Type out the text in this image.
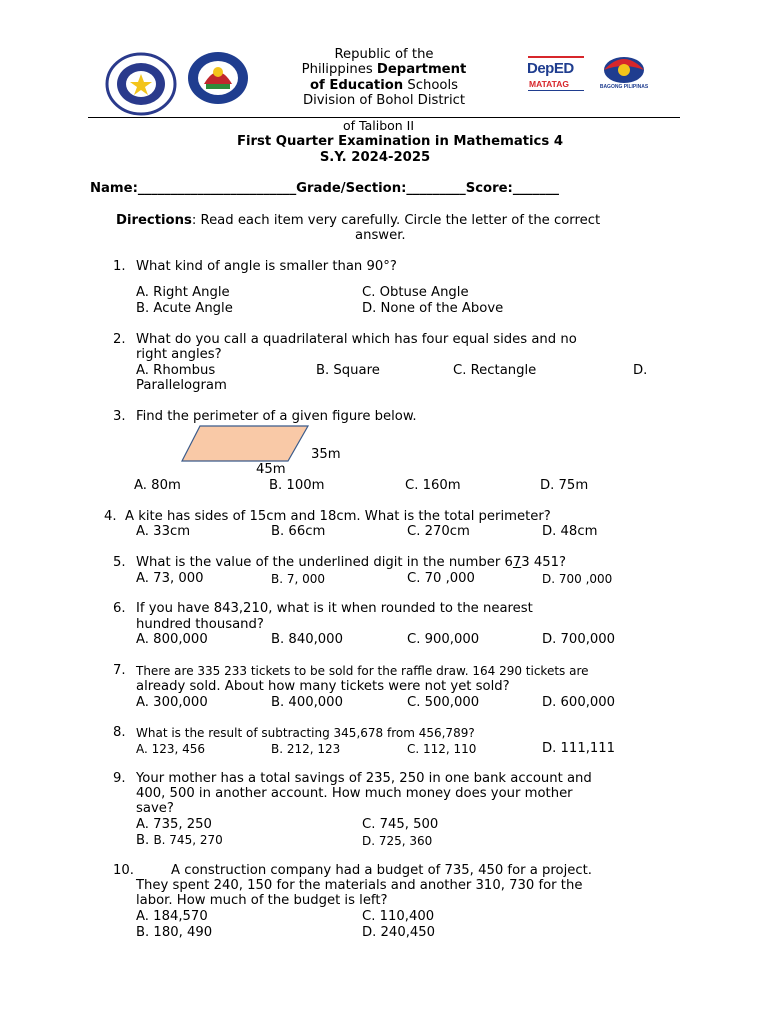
DepED
MATATAG	BAGONG PILIPINAS
Republic of the
Philippines Department
of Education Schools
Division of Bohol District
of Talibon II
First Quarter Examination in Mathematics 4
S.Y. 2024-2025
Name:________________________Grade/Section:_________Score:_______
Directions: Read each item very carefully. Circle the letter of the correct
answer.
1. What kind of angle is smaller than 90°?
A. Right Angle	C. Obtuse Angle
B. Acute Angle	D. None of the Above
2. What do you call a quadrilateral which has four equal sides and no
right angles?
A. Rhombus	B. Square	C. Rectangle	D.
Parallelogram
3. Find the perimeter of a given figure below.
35m
45m
A. 80m	B. 100m	C. 160m	D. 75m
4. A kite has sides of 15cm and 18cm. What is the total perimeter?
A. 33cm	B. 66cm	C. 270cm	D. 48cm
5. What is the value of the underlined digit in the number 673 451?
A. 73, 000	B. 7, 000	C. 70 ,000	D. 700 ,000
6. If you have 843,210, what is it when rounded to the nearest
hundred thousand?
A. 800,000	B. 840,000	C. 900,000	D. 700,000
7. There are 335 233 tickets to be sold for the raffle draw. 164 290 tickets are
already sold. About how many tickets were not yet sold?
A. 300,000	B. 400,000	C. 500,000	D. 600,000
8. What is the result of subtracting 345,678 from 456,789?
A. 123, 456	B. 212, 123	C. 112, 110	D. 111,111
9. Your mother has a total savings of 235, 250 in one bank account and
400, 500 in another account. How much money does your mother
save?
A. 735, 250	C. 745, 500
B. B. 745, 270	D. 725, 360
10.	A construction company had a budget of 735, 450 for a project.
They spent 240, 150 for the materials and another 310, 730 for the
labor. How much of the budget is left?
A. 184,570	C. 110,400
B. 180, 490	D. 240,450
